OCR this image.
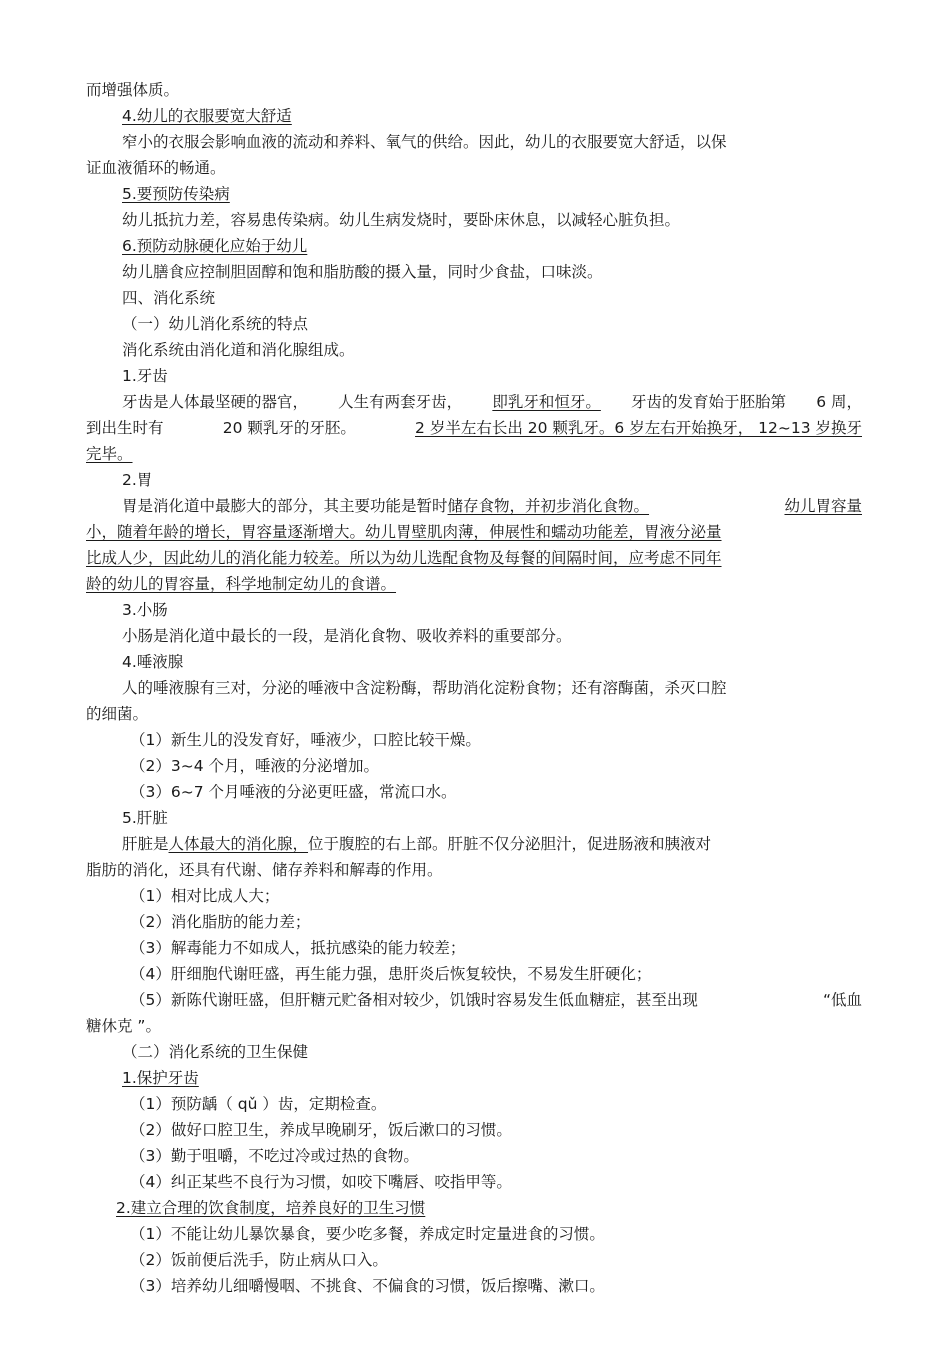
而增强体质。
4.幼儿的衣服要宽大舒适
窄小的衣服会影响血液的流动和养料、氧气的供给。因此，幼儿的衣服要宽大舒适，以保
证血液循环的畅通。
5.要预防传染病
幼儿抵抗力差，容易患传染病。幼儿生病发烧时，要卧床休息，以减轻心脏负担。
6.预防动脉硬化应始于幼儿
幼儿膳食应控制胆固醇和饱和脂肪酸的摄入量，同时少食盐，口味淡。
四、消化系统
（一）幼儿消化系统的特点
消化系统由消化道和消化腺组成。
1.牙齿
牙齿是人体最坚硬的器官， 人生有两套牙齿， 即乳牙和恒牙。 牙齿的发育始于胚胎第 6 周，
到出生时有	20 颗乳牙的牙胚。	2 岁半左右长出 20 颗乳牙。6 岁左右开始换牙， 12~13 岁换牙
完毕。
2.胃
胃是消化道中最膨大的部分，其主要功能是暂时储存食物，并初步消化食物。	幼儿胃容量
小，随着年龄的增长，胃容量逐渐增大。幼儿胃壁肌肉薄，伸展性和蠕动功能差，胃液分泌量
比成人少，因此幼儿的消化能力较差。所以为幼儿选配食物及每餐的间隔时间，应考虑不同年
龄的幼儿的胃容量，科学地制定幼儿的食谱。
3.小肠
小肠是消化道中最长的一段，是消化食物、吸收养料的重要部分。
4.唾液腺
人的唾液腺有三对，分泌的唾液中含淀粉酶，帮助消化淀粉食物；还有溶酶菌，杀灭口腔
的细菌。
（1）新生儿的没发育好，唾液少，口腔比较干燥。
（2）3~4 个月，唾液的分泌增加。
（3）6~7 个月唾液的分泌更旺盛，常流口水。
5.肝脏
肝脏是人体最大的消化腺，位于腹腔的右上部。肝脏不仅分泌胆汁，促进肠液和胰液对
脂肪的消化，还具有代谢、储存养料和解毒的作用。
（1）相对比成人大；
（2）消化脂肪的能力差；
（3）解毒能力不如成人，抵抗感染的能力较差；
（4）肝细胞代谢旺盛，再生能力强，患肝炎后恢复较快，不易发生肝硬化；
（5）新陈代谢旺盛，但肝糖元贮备相对较少，饥饿时容易发生低血糖症，甚至出现	“低血
糖休克 ”。
（二）消化系统的卫生保健
1.保护牙齿
（1）预防龋（ qǔ ）齿，定期检查。
（2）做好口腔卫生，养成早晚刷牙，饭后漱口的习惯。
（3）勤于咀嚼，不吃过冷或过热的食物。
（4）纠正某些不良行为习惯，如咬下嘴唇、咬指甲等。
2.建立合理的饮食制度，培养良好的卫生习惯
（1）不能让幼儿暴饮暴食，要少吃多餐，养成定时定量进食的习惯。
（2）饭前便后洗手，防止病从口入。
（3）培养幼儿细嚼慢咽、不挑食、不偏食的习惯，饭后擦嘴、漱口。
